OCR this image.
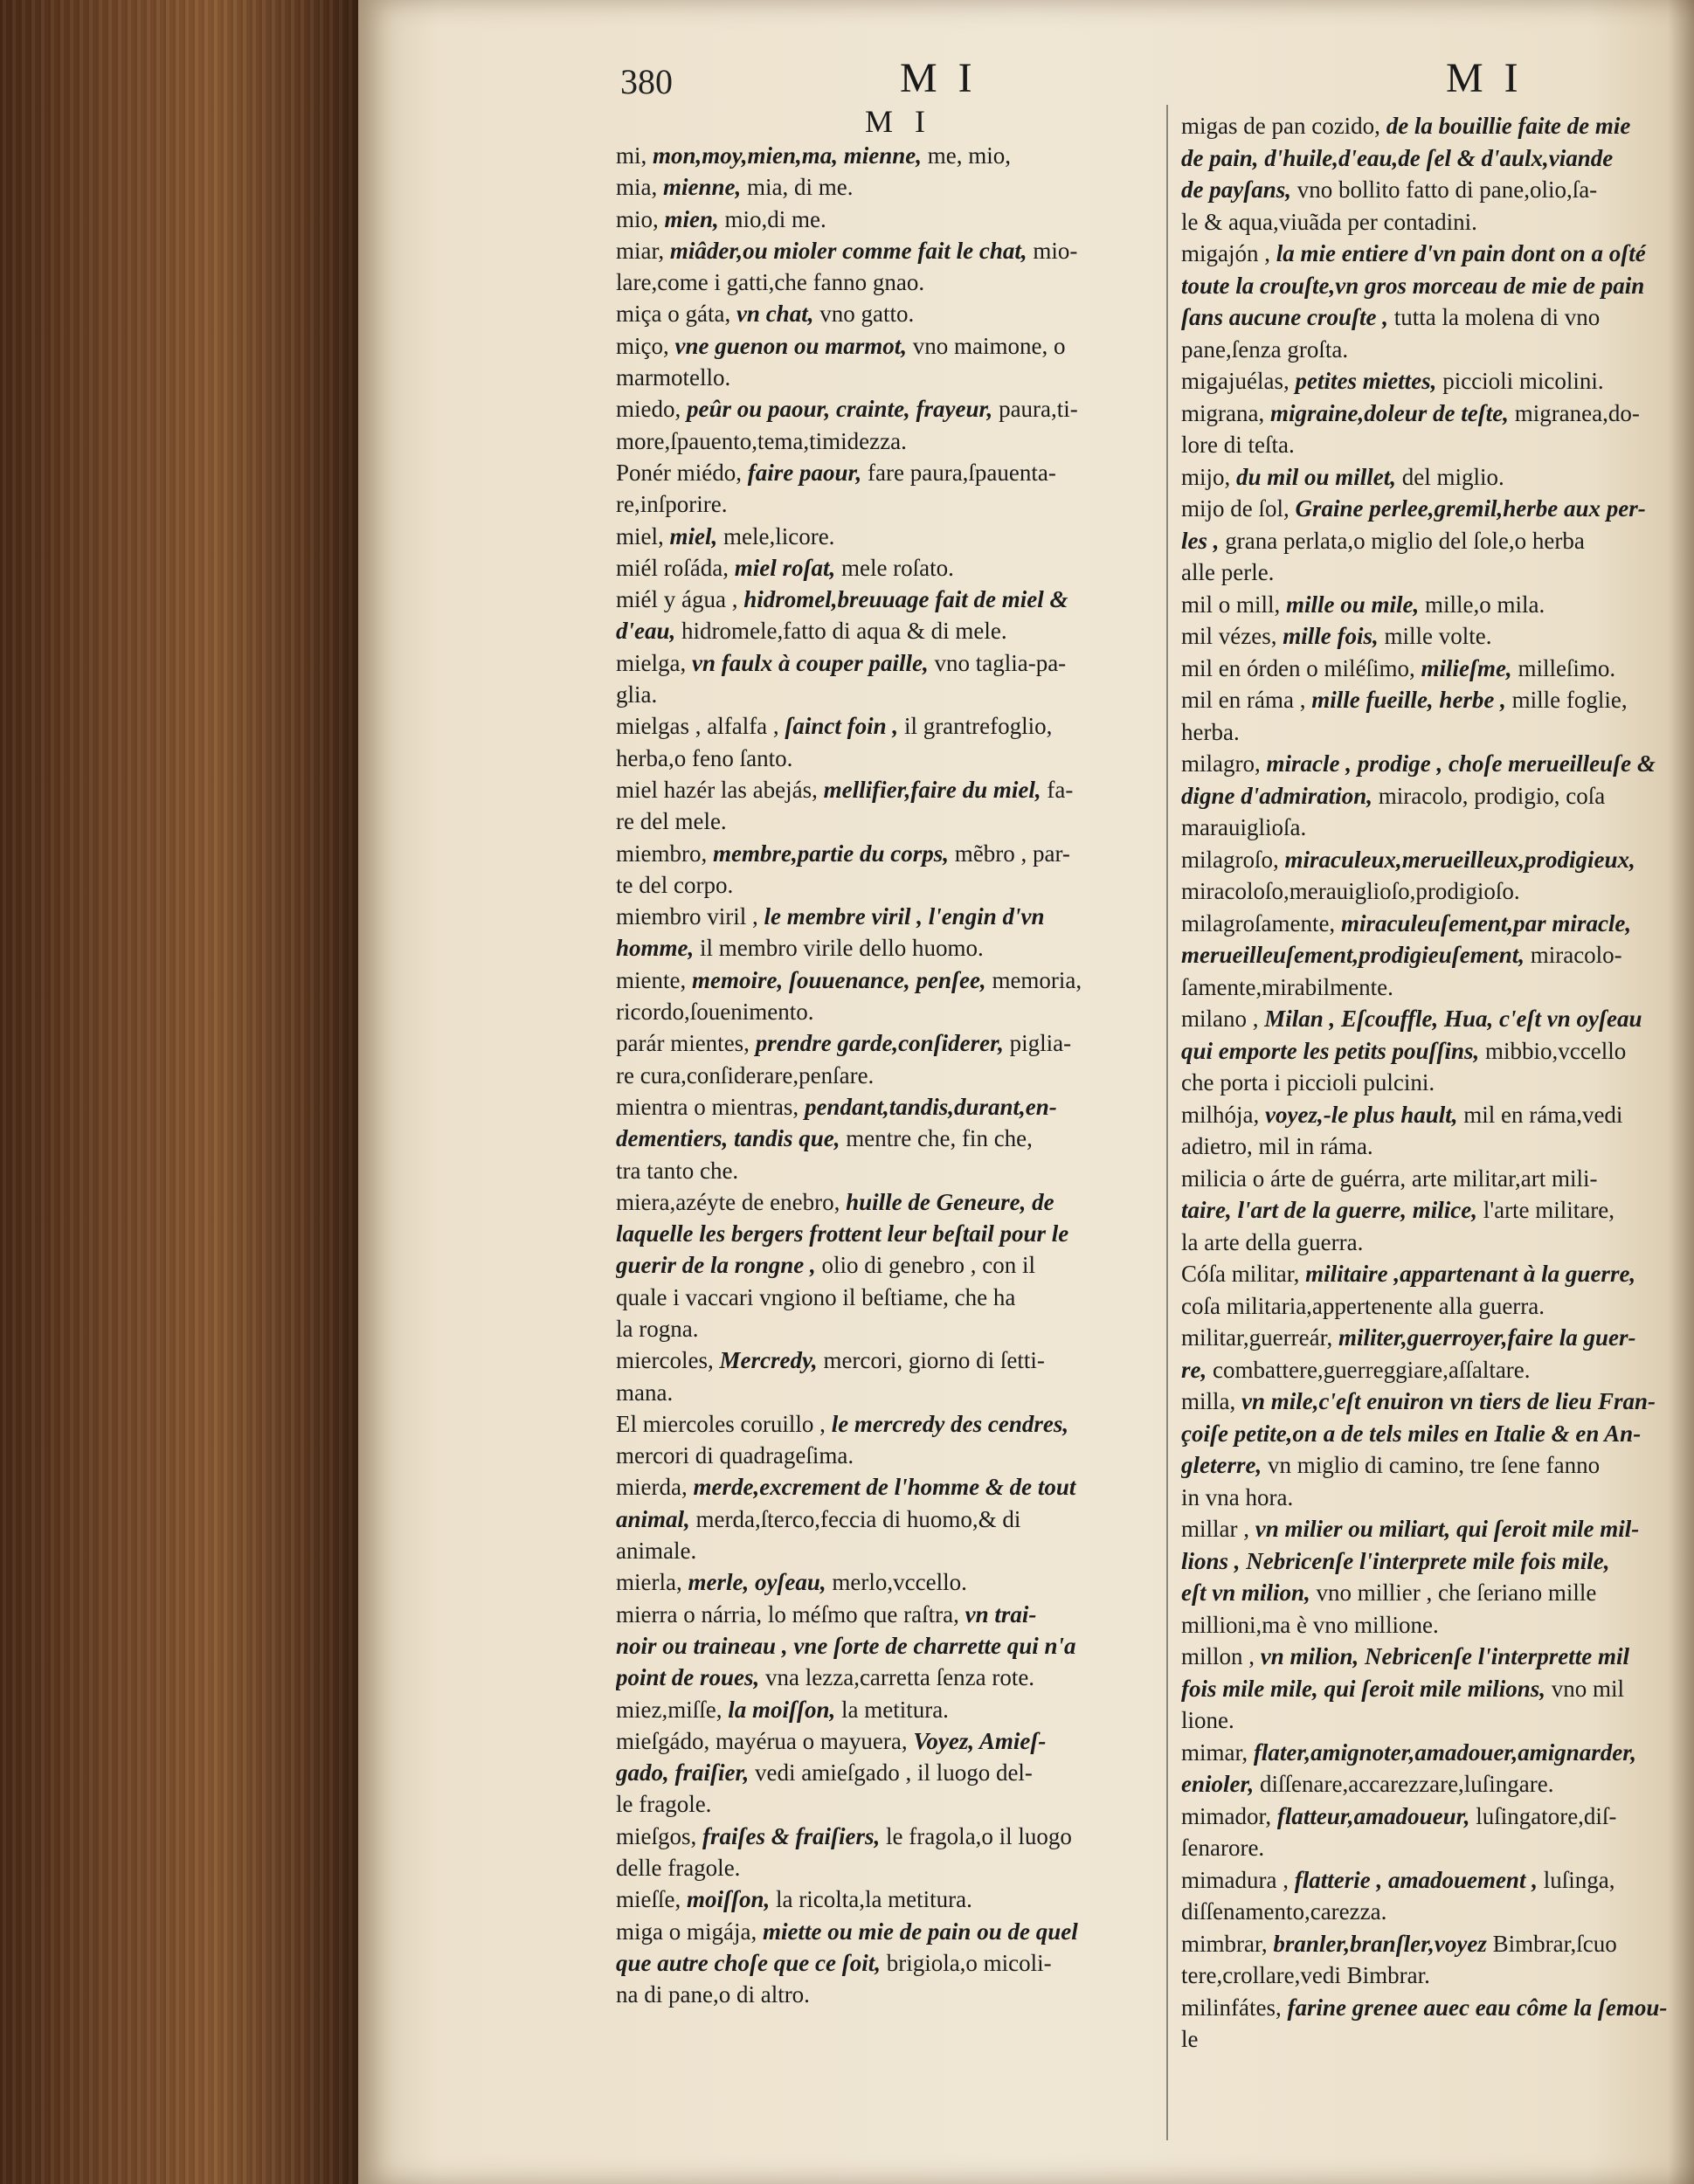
380	M I	M I
M I

mi, mon,moy,mien,ma, mienne, me, mio,

mia, mienne, mia, di me.

mio, mien, mio,di me.

miar, miâder,ou mioler comme fait le chat, mio-

lare,come i gatti,che fanno gnao.

miça o gáta, vn chat, vno gatto.

miço, vne guenon ou marmot, vno maimone, o

marmotello.

miedo, peûr ou paour, crainte, frayeur, paura,ti-

more,ſpauento,tema,timidezza.

Ponér miédo, faire paour, fare paura,ſpauenta-

re,inſporire.

miel, miel, mele,licore.

miél roſáda, miel roſat, mele roſato.

miél y água , hidromel,breuuage fait de miel &

d'eau, hidromele,fatto di aqua & di mele.

mielga, vn faulx à couper paille, vno taglia-pa-

glia.

mielgas , alfalfa , ſainct foin , il grantrefoglio,

herba,o feno ſanto.

miel hazér las abejás, mellifier,faire du miel, fa-

re del mele.

miembro, membre,partie du corps, mẽbro , par-

te del corpo.

miembro viril , le membre viril , l'engin d'vn

homme, il membro virile dello huomo.

miente, memoire, ſouuenance, penſee, memoria,

ricordo,ſouenimento.

parár mientes, prendre garde,conſiderer, piglia-

re cura,conſiderare,penſare.

mientra o mientras, pendant,tandis,durant,en-

dementiers, tandis que, mentre che, fin che,

tra tanto che.

miera,azéyte de enebro, huille de Geneure, de

laquelle les bergers frottent leur beſtail pour le

guerir de la rongne , olio di genebro , con il

quale i vaccari vngiono il beſtiame, che ha

la rogna.

miercoles, Mercredy, mercori, giorno di ſetti-

mana.

El miercoles coruillo , le mercredy des cendres,

mercori di quadrageſima.

mierda, merde,excrement de l'homme & de tout

animal, merda,ſterco,feccia di huomo,& di

animale.

mierla, merle, oyſeau, merlo,vccello.

mierra o nárria, lo méſmo que raſtra, vn trai-

noir ou traineau , vne ſorte de charrette qui n'a

point de roues, vna lezza,carretta ſenza rote.

miez,miſſe, la moiſſon, la metitura.

mieſgádo, mayérua o mayuera, Voyez, Amieſ-

gado, fraiſier, vedi amieſgado , il luogo del-

le fragole.

mieſgos, fraiſes & fraiſiers, le fragola,o il luogo

delle fragole.

mieſſe, moiſſon, la ricolta,la metitura.

miga o migája, miette ou mie de pain ou de quel

que autre choſe que ce ſoit, brigiola,o micoli-

na di pane,o di altro.

migas de pan cozido, de la bouillie faite de mie

de pain, d'huile,d'eau,de ſel & d'aulx,viande

de payſans, vno bollito fatto di pane,olio,ſa-

le & aqua,viuãda per contadini.

migajón , la mie entiere d'vn pain dont on a oſté

toute la crouſte,vn gros morceau de mie de pain

ſans aucune crouſte , tutta la molena di vno

pane,ſenza groſta.

migajuélas, petites miettes, piccioli micolini.

migrana, migraine,doleur de teſte, migranea,do-

lore di teſta.

mijo, du mil ou millet, del miglio.

mijo de ſol, Graine perlee,gremil,herbe aux per-

les , grana perlata,o miglio del ſole,o herba

alle perle.

mil o mill, mille ou mile, mille,o mila.

mil vézes, mille fois, mille volte.

mil en órden o miléſimo, milieſme, milleſimo.

mil en ráma , mille fueille, herbe , mille foglie,

herba.

milagro, miracle , prodige , choſe merueilleuſe &

digne d'admiration, miracolo, prodigio, coſa

marauiglioſa.

milagroſo, miraculeux,merueilleux,prodigieux,

miracoloſo,merauiglioſo,prodigioſo.

milagroſamente, miraculeuſement,par miracle,

merueilleuſement,prodigieuſement, miracolo-

ſamente,mirabilmente.

milano , Milan , Eſcouffle, Hua, c'eſt vn oyſeau

qui emporte les petits pouſſins, mibbio,vccello

che porta i piccioli pulcini.

milhója, voyez,-le plus hault, mil en ráma,vedi

adietro, mil in ráma.

milicia o árte de guérra, arte militar,art mili-

taire, l'art de la guerre, milice, l'arte militare,

la arte della guerra.

Cóſa militar, militaire ,appartenant à la guerre,

coſa militaria,appertenente alla guerra.

militar,guerreár, militer,guerroyer,faire la guer-

re, combattere,guerreggiare,aſſaltare.

milla, vn mile,c'eſt enuiron vn tiers de lieu Fran-

çoiſe petite,on a de tels miles en Italie & en An-

gleterre, vn miglio di camino, tre ſene fanno

in vna hora.

millar , vn milier ou miliart, qui ſeroit mile mil-

lions , Nebricenſe l'interprete mile fois mile,

eſt vn milion, vno millier , che ſeriano mille

millioni,ma è vno millione.

millon , vn milion, Nebricenſe l'interprette mil

fois mile mile, qui ſeroit mile milions, vno mil

lione.

mimar, flater,amignoter,amadouer,amignarder,

enioler, diſſenare,accarezzare,luſingare.

mimador, flatteur,amadoueur, luſingatore,diſ-

ſenarore.

mimadura , flatterie , amadouement , luſinga,

diſſenamento,carezza.

mimbrar, branler,branſler,voyez Bimbrar,ſcuo

tere,crollare,vedi Bimbrar.

milinfátes, farine grenee auec eau côme la ſemou-

le
